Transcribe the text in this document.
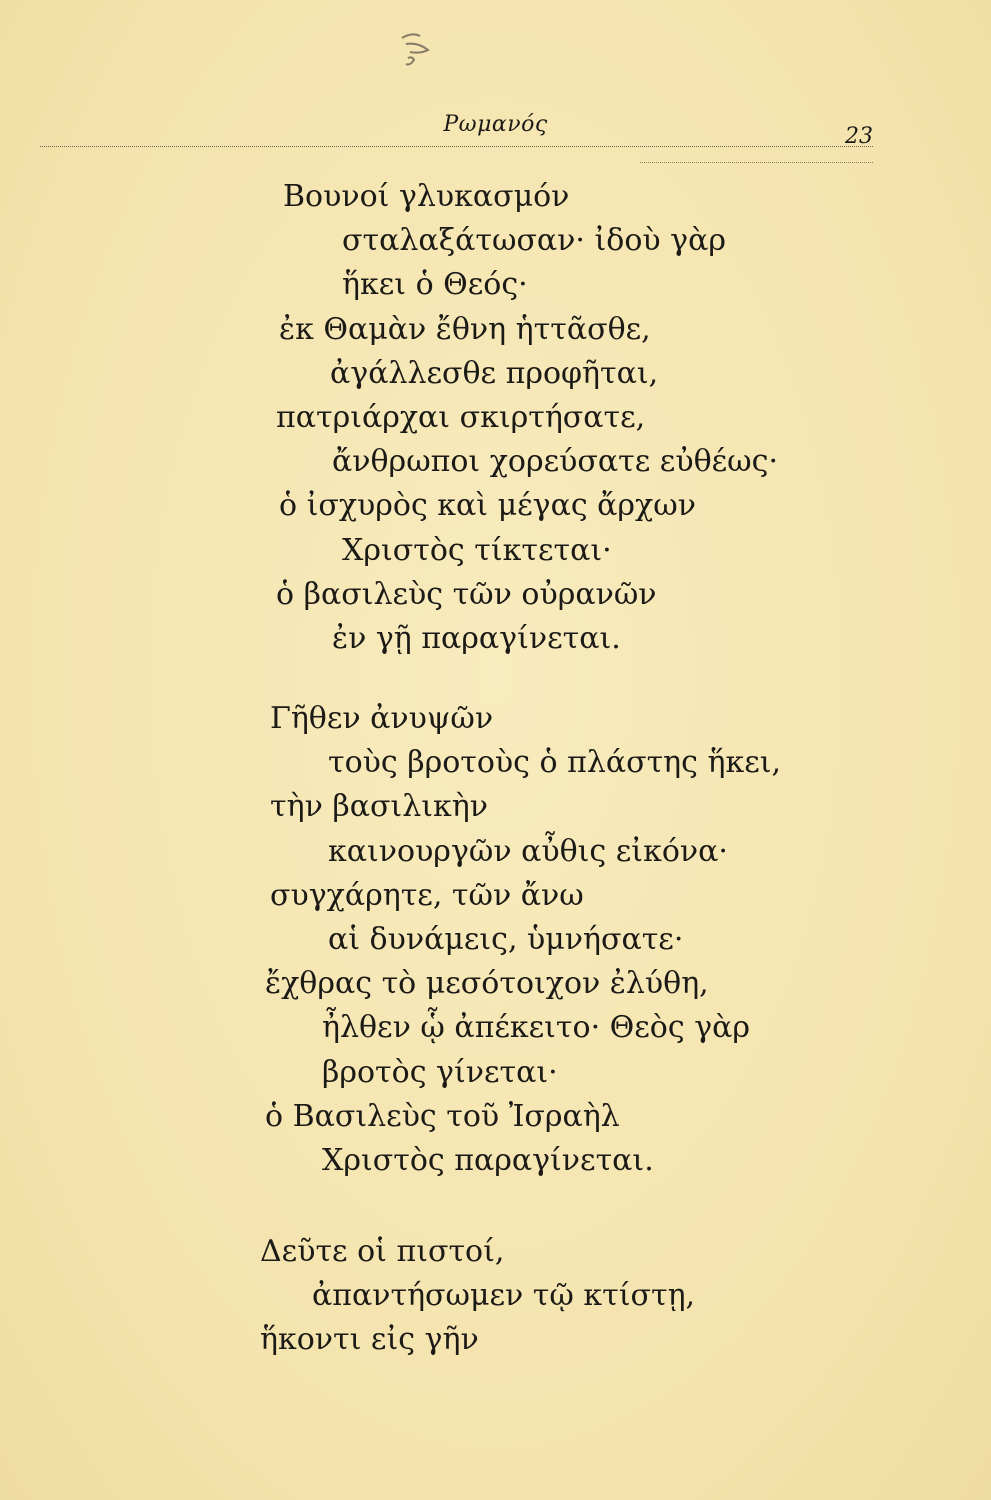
Ρωμανός	23
Βουνοί γλυκασμόν
σταλαξάτωσαν· ἰδοὺ γὰρ
ἥκει ὁ Θεός·
ἐκ Θαμὰν ἔθνη ἡττᾶσθε,
ἀγάλλεσθε προφῆται,
πατριάρχαι σκιρτήσατε,
ἄνθρωποι χορεύσατε εὐθέως·
ὁ ἰσχυρὸς καὶ μέγας ἄρχων
Χριστὸς τίκτεται·
ὁ βασιλεὺς τῶν οὐρανῶν
ἐν γῇ παραγίνεται.
Γῆθεν ἀνυψῶν
τοὺς βροτοὺς ὁ πλάστης ἥκει,
τὴν βασιλικὴν
καινουργῶν αὖθις εἰκόνα·
συγχάρητε, τῶν ἄνω
αἱ δυνάμεις, ὑμνήσατε·
ἔχθρας τὸ μεσότοιχον ἐλύθη,
ἦλθεν ᾧ ἀπέκειτο· Θεὸς γὰρ
βροτὸς γίνεται·
ὁ Βασιλεὺς τοῦ Ἰσραὴλ
Χριστὸς παραγίνεται.
Δεῦτε οἱ πιστοί,
ἀπαντήσωμεν τῷ κτίστῃ,
ἥκοντι εἰς γῆν
